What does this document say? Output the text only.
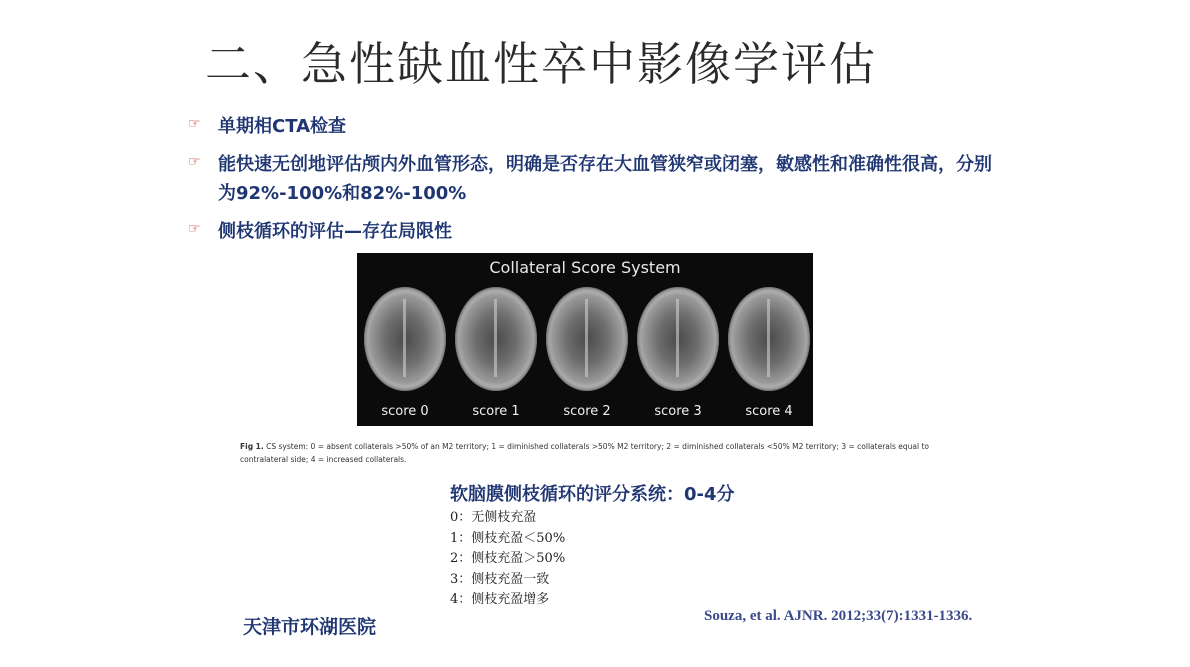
二、急性缺血性卒中影像学评估
☞ 单期相CTA检查
☞ 能快速无创地评估颅内外血管形态，明确是否存在大血管狭窄或闭塞，敏感性和准确性很高，分别为92%-100%和82%-100%
☞ 侧枝循环的评估—存在局限性
Collateral Score System
score 0	score 1	score 2	score 3	score 4
Fig 1. CS system: 0 = absent collaterals >50% of an M2 territory; 1 = diminished collaterals >50% M2 territory; 2 = diminished collaterals <50% M2 territory; 3 = collaterals equal to contralateral side; 4 = increased collaterals.
软脑膜侧枝循环的评分系统：0-4分
0：无侧枝充盈
1：侧枝充盈＜50%
2：侧枝充盈＞50%
3：侧枝充盈一致
4：侧枝充盈增多
天津市环湖医院	Souza, et al. AJNR. 2012;33(7):1331-1336.
